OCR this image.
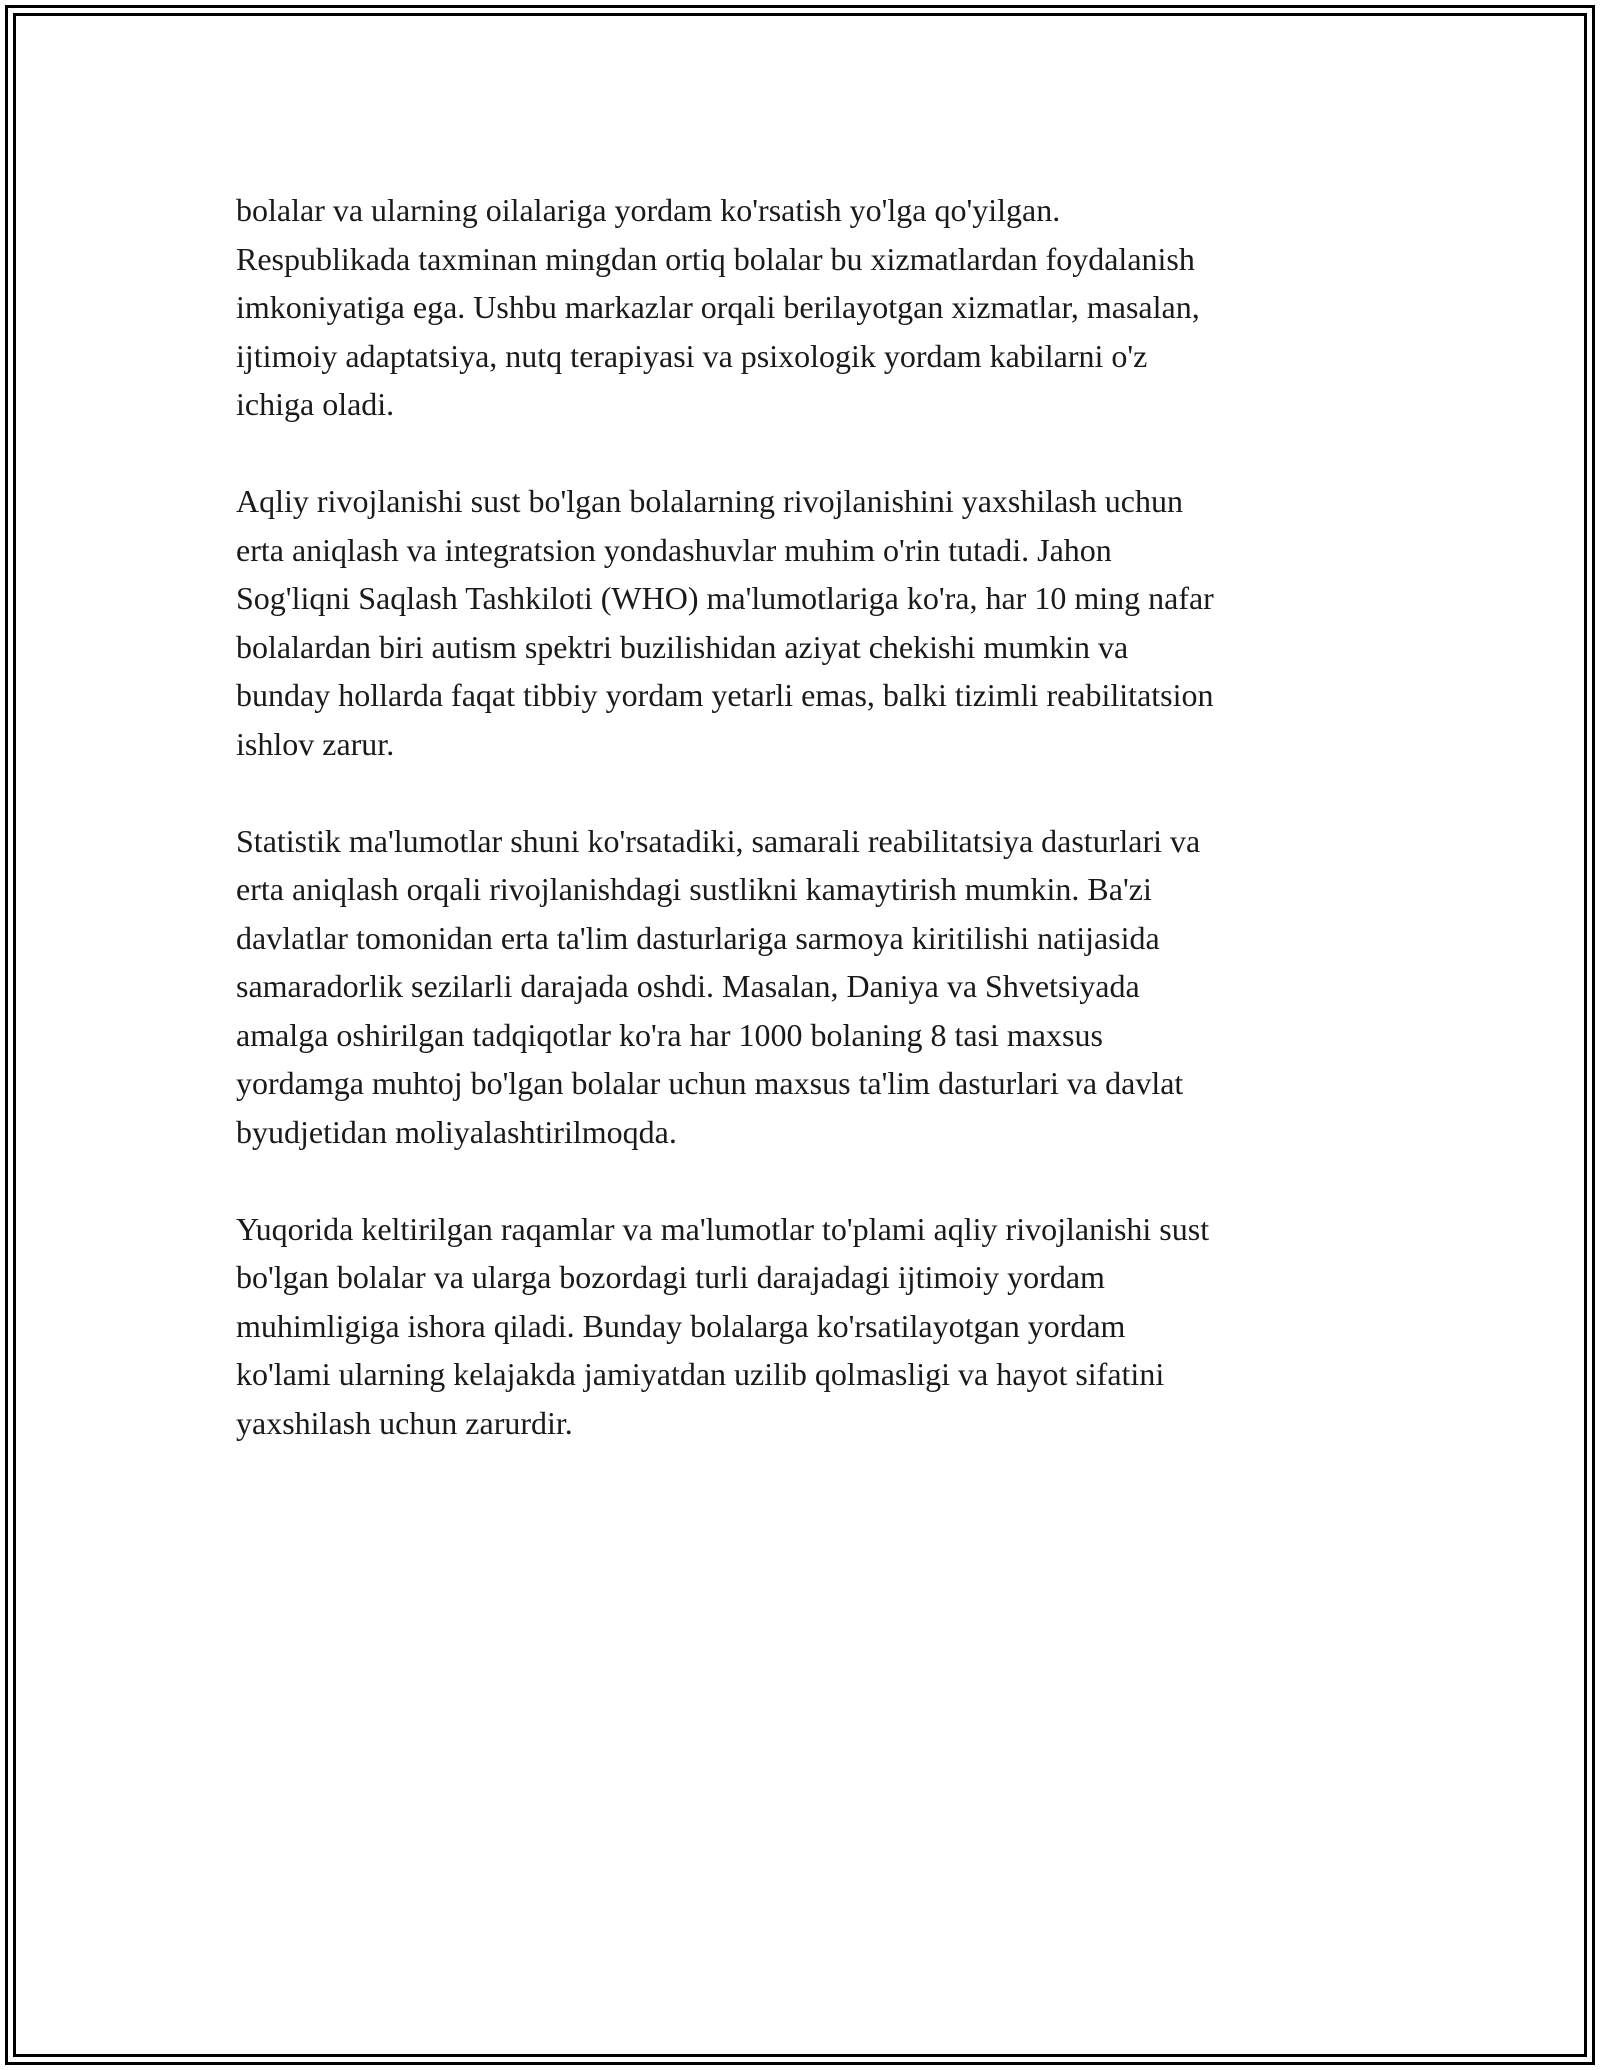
bolalar va ularning oilalariga yordam ko'rsatish yo'lga qo'yilgan.
Respublikada taxminan mingdan ortiq bolalar bu xizmatlardan foydalanish
imkoniyatiga ega. Ushbu markazlar orqali berilayotgan xizmatlar, masalan,
ijtimoiy adaptatsiya, nutq terapiyasi va psixologik yordam kabilarni o'z
ichiga oladi.

Aqliy rivojlanishi sust bo'lgan bolalarning rivojlanishini yaxshilash uchun
erta aniqlash va integratsion yondashuvlar muhim o'rin tutadi. Jahon
Sog'liqni Saqlash Tashkiloti (WHO) ma'lumotlariga ko'ra, har 10 ming nafar
bolalardan biri autism spektri buzilishidan aziyat chekishi mumkin va
bunday hollarda faqat tibbiy yordam yetarli emas, balki tizimli reabilitatsion
ishlov zarur.

Statistik ma'lumotlar shuni ko'rsatadiki, samarali reabilitatsiya dasturlari va
erta aniqlash orqali rivojlanishdagi sustlikni kamaytirish mumkin. Ba'zi
davlatlar tomonidan erta ta'lim dasturlariga sarmoya kiritilishi natijasida
samaradorlik sezilarli darajada oshdi. Masalan, Daniya va Shvetsiyada
amalga oshirilgan tadqiqotlar ko'ra har 1000 bolaning 8 tasi maxsus
yordamga muhtoj bo'lgan bolalar uchun maxsus ta'lim dasturlari va davlat
byudjetidan moliyalashtirilmoqda.

Yuqorida keltirilgan raqamlar va ma'lumotlar to'plami aqliy rivojlanishi sust
bo'lgan bolalar va ularga bozordagi turli darajadagi ijtimoiy yordam
muhimligiga ishora qiladi. Bunday bolalarga ko'rsatilayotgan yordam
ko'lami ularning kelajakda jamiyatdan uzilib qolmasligi va hayot sifatini
yaxshilash uchun zarurdir.
